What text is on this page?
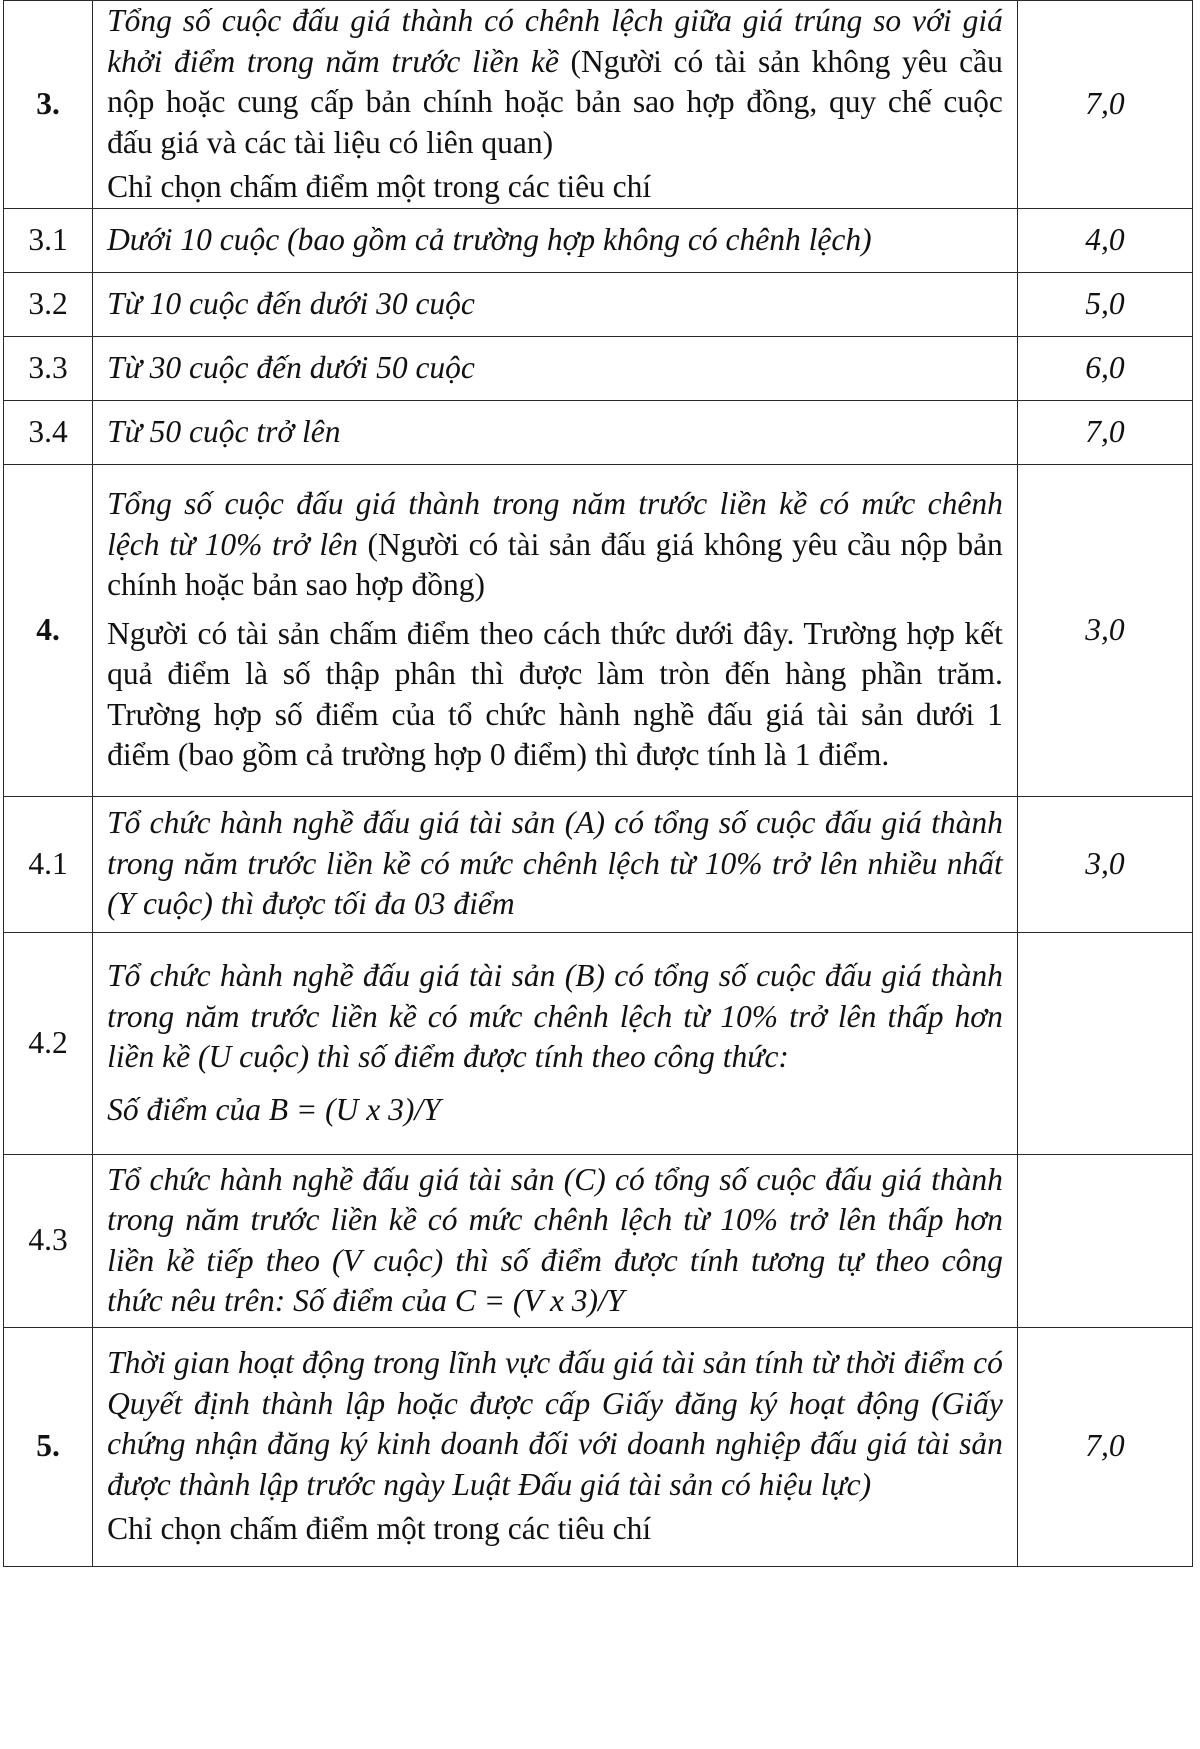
3.	Tổng số cuộc đấu giá thành có chênh lệch giữa giá trúng so với giá khởi điểm trong năm trước liền kề (Người có tài sản không yêu cầu nộp hoặc cung cấp bản chính hoặc bản sao hợp đồng, quy chế cuộc đấu giá và các tài liệu có liên quan)

Chỉ chọn chấm điểm một trong các tiêu chí	7,0
3.1	Dưới 10 cuộc (bao gồm cả trường hợp không có chênh lệch)	4,0
3.2	Từ 10 cuộc đến dưới 30 cuộc	5,0
3.3	Từ 30 cuộc đến dưới 50 cuộc	6,0
3.4	Từ 50 cuộc trở lên	7,0
4.	Tổng số cuộc đấu giá thành trong năm trước liền kề có mức chênh lệch từ 10% trở lên (Người có tài sản đấu giá không yêu cầu nộp bản chính hoặc bản sao hợp đồng)

Người có tài sản chấm điểm theo cách thức dưới đây. Trường hợp kết quả điểm là số thập phân thì được làm tròn đến hàng phần trăm. Trường hợp số điểm của tổ chức hành nghề đấu giá tài sản dưới 1 điểm (bao gồm cả trường hợp 0 điểm) thì được tính là 1 điểm.	3,0
4.1	Tổ chức hành nghề đấu giá tài sản (A) có tổng số cuộc đấu giá thành trong năm trước liền kề có mức chênh lệch từ 10% trở lên nhiều nhất (Y cuộc) thì được tối đa 03 điểm	3,0
4.2	Tổ chức hành nghề đấu giá tài sản (B) có tổng số cuộc đấu giá thành trong năm trước liền kề có mức chênh lệch từ 10% trở lên thấp hơn liền kề (U cuộc) thì số điểm được tính theo công thức:

Số điểm của B = (U x 3)/Y	

4.3	Tổ chức hành nghề đấu giá tài sản (C) có tổng số cuộc đấu giá thành trong năm trước liền kề có mức chênh lệch từ 10% trở lên thấp hơn liền kề tiếp theo (V cuộc) thì số điểm được tính tương tự theo công thức nêu trên: Số điểm của C = (V x 3)/Y	
5.	Thời gian hoạt động trong lĩnh vực đấu giá tài sản tính từ thời điểm có Quyết định thành lập hoặc được cấp Giấy đăng ký hoạt động (Giấy chứng nhận đăng ký kinh doanh đối với doanh nghiệp đấu giá tài sản được thành lập trước ngày Luật Đấu giá tài sản có hiệu lực)

Chỉ chọn chấm điểm một trong các tiêu chí	7,0
